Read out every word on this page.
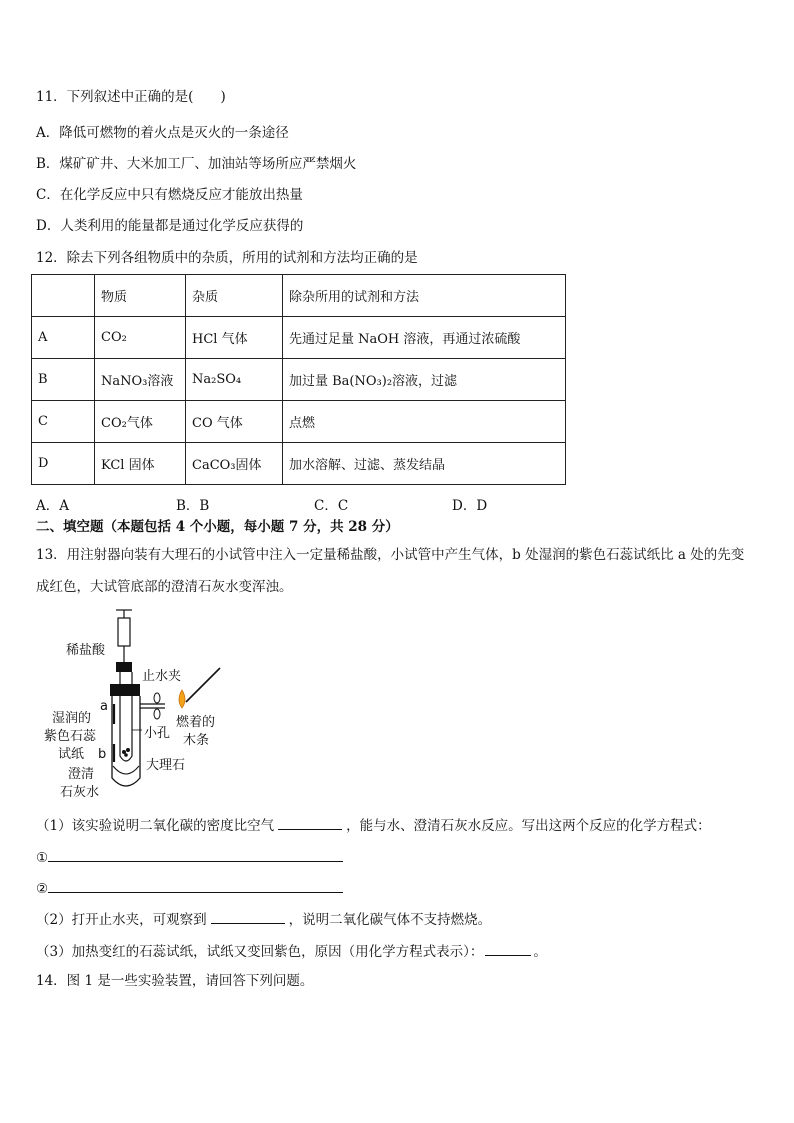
11．下列叙述中正确的是(　　)
A．降低可燃物的着火点是灭火的一条途径
B．煤矿矿井、大米加工厂、加油站等场所应严禁烟火
C．在化学反应中只有燃烧反应才能放出热量
D．人类利用的能量都是通过化学反应获得的
12．除去下列各组物质中的杂质，所用的试剂和方法均正确的是
	物质	杂质	除杂所用的试剂和方法
A	CO₂	HCl 气体	先通过足量 NaOH 溶液，再通过浓硫酸
B	NaNO₃溶液	Na₂SO₄	加过量 Ba(NO₃)₂溶液，过滤
C	CO₂气体	CO 气体	点燃
D	KCl 固体	CaCO₃固体	加水溶解、过滤、蒸发结晶
A．A	B．B	C．C	D．D
二、填空题（本题包括 4 个小题，每小题 7 分，共 28 分）
13．用注射器向装有大理石的小试管中注入一定量稀盐酸，小试管中产生气体，b 处湿润的紫色石蕊试纸比 a 处的先变
成红色，大试管底部的澄清石灰水变浑浊。
稀盐酸
止水夹
a
湿润的
紫色石蕊
试纸 b
燃着的
木条
小孔
大理石
澄清
石灰水
（1）该实验说明二氧化碳的密度比空气	，能与水、澄清石灰水反应。写出这两个反应的化学方程式：
①
②
（2）打开止水夹，可观察到	，说明二氧化碳气体不支持燃烧。
（3）加热变红的石蕊试纸，试纸又变回紫色，原因（用化学方程式表示）：	。
14．图 1 是一些实验装置，请回答下列问题。
